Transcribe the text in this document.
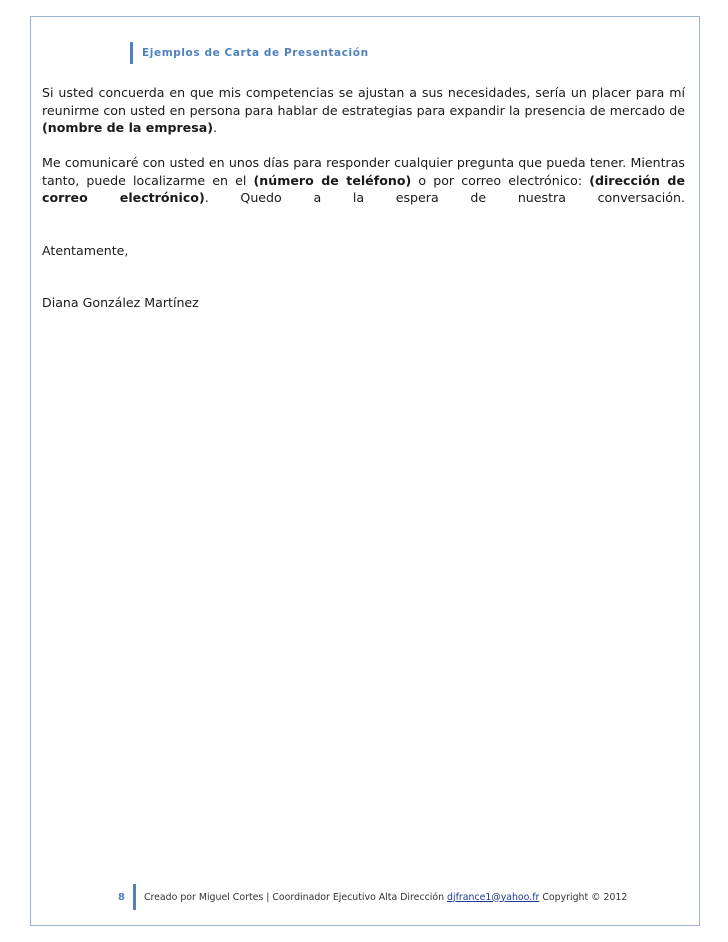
Ejemplos de Carta de Presentación

Si usted concuerda en que mis competencias se ajustan a sus necesidades, sería un placer para mí reunirme con usted en persona para hablar de estrategias para expandir la presencia de mercado de (nombre de la empresa).

Me comunicaré con usted en unos días para responder cualquier pregunta que pueda tener. Mientras tanto, puede localizarme en el (número de teléfono) o por correo electrónico: (dirección de correo electrónico). Quedo a la espera de nuestra conversación.

Atentamente,

Diana González Martínez

8 Creado por Miguel Cortes | Coordinador Ejecutivo Alta Dirección
djfrance1@yahoo.fr
Copyright © 2012
